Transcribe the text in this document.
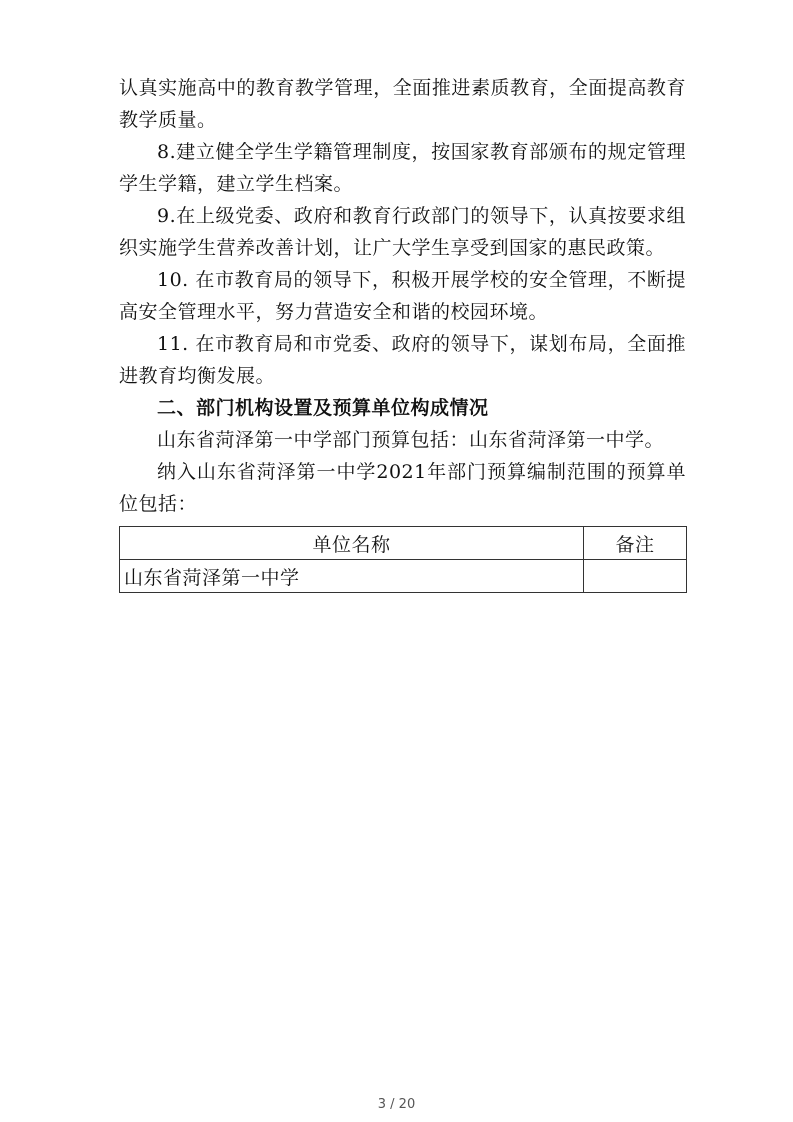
认真实施高中的教育教学管理，全面推进素质教育，全面提高教育教学质量。

8.建立健全学生学籍管理制度，按国家教育部颁布的规定管理学生学籍，建立学生档案。

9.在上级党委、政府和教育行政部门的领导下，认真按要求组织实施学生营养改善计划，让广大学生享受到国家的惠民政策。

10. 在市教育局的领导下，积极开展学校的安全管理，不断提高安全管理水平，努力营造安全和谐的校园环境。

11. 在市教育局和市党委、政府的领导下，谋划布局，全面推进教育均衡发展。

二、部门机构设置及预算单位构成情况

山东省菏泽第一中学部门预算包括：山东省菏泽第一中学。

纳入山东省菏泽第一中学2021年部门预算编制范围的预算单位包括：

单位名称	备注
山东省菏泽第一中学	
3 / 20
